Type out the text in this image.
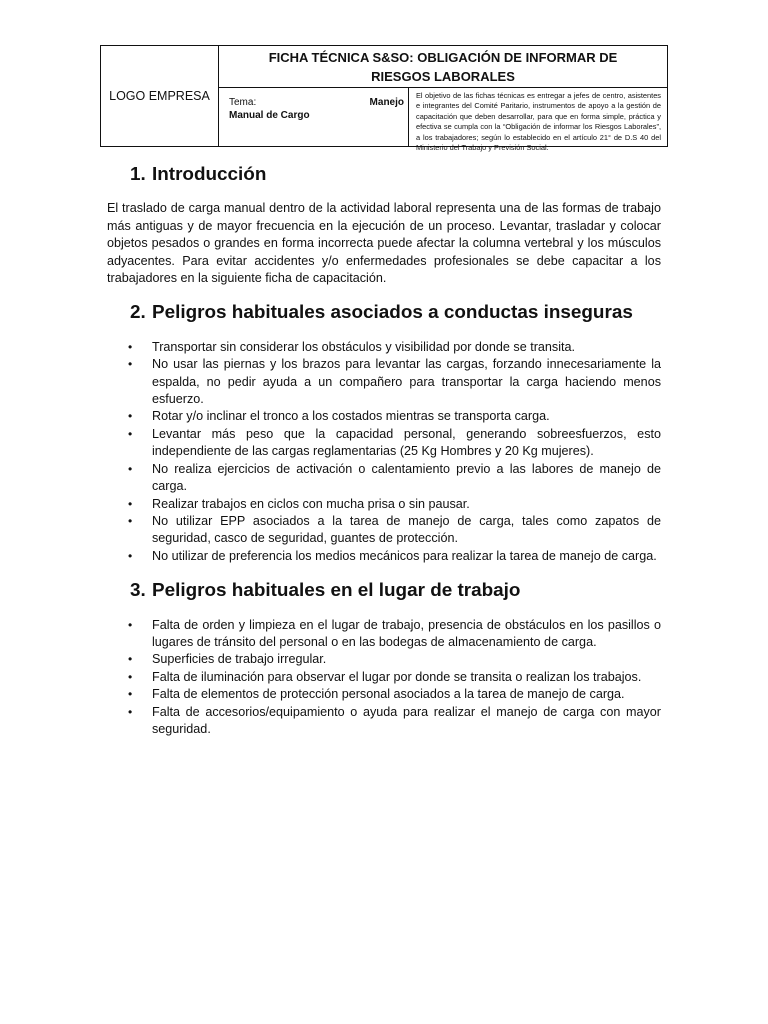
LOGO EMPRESA
FICHA TÉCNICA S&SO: OBLIGACIÓN DE INFORMAR DE RIESGOS LABORALES
Tema:	Manejo
Manual de Cargo
El objetivo de las fichas técnicas es entregar a jefes de centro, asistentes e integrantes del Comité Paritario, instrumentos de apoyo a la gestión de capacitación que deben desarrollar, para que en forma simple, práctica y efectiva se cumpla con la “Obligación de informar los Riesgos Laborales”, a los trabajadores; según lo establecido en el artículo 21° de D.S 40 del Ministerio del Trabajo y Previsión Social.
1. Introducción

El traslado de carga manual dentro de la actividad laboral representa una de las formas de trabajo más antiguas y de mayor frecuencia en la ejecución de un proceso. Levantar, trasladar y colocar objetos pesados o grandes en forma incorrecta puede afectar la columna vertebral y los músculos adyacentes. Para evitar accidentes y/o enfermedades profesionales se debe capacitar a los trabajadores en la siguiente ficha de capacitación.

2. Peligros habituales asociados a conductas inseguras
• Transportar sin considerar los obstáculos y visibilidad por donde se transita.
• No usar las piernas y los brazos para levantar las cargas, forzando innecesariamente la espalda, no pedir ayuda a un compañero para transportar la carga haciendo menos esfuerzo.
• Rotar y/o inclinar el tronco a los costados mientras se transporta carga.
• Levantar más peso que la capacidad personal, generando sobreesfuerzos, esto independiente de las cargas reglamentarias (25 Kg Hombres y 20 Kg mujeres).
• No realiza ejercicios de activación o calentamiento previo a las labores de manejo de carga.
• Realizar trabajos en ciclos con mucha prisa o sin pausar.
• No utilizar EPP asociados a la tarea de manejo de carga, tales como zapatos de seguridad, casco de seguridad, guantes de protección.
• No utilizar de preferencia los medios mecánicos para realizar la tarea de manejo de carga.
3. Peligros habituales en el lugar de trabajo
• Falta de orden y limpieza en el lugar de trabajo, presencia de obstáculos en los pasillos o lugares de tránsito del personal o en las bodegas de almacenamiento de carga.
• Superficies de trabajo irregular.
• Falta de iluminación para observar el lugar por donde se transita o realizan los trabajos.
• Falta de elementos de protección personal asociados a la tarea de manejo de carga.
• Falta de accesorios/equipamiento o ayuda para realizar el manejo de carga con mayor seguridad.
